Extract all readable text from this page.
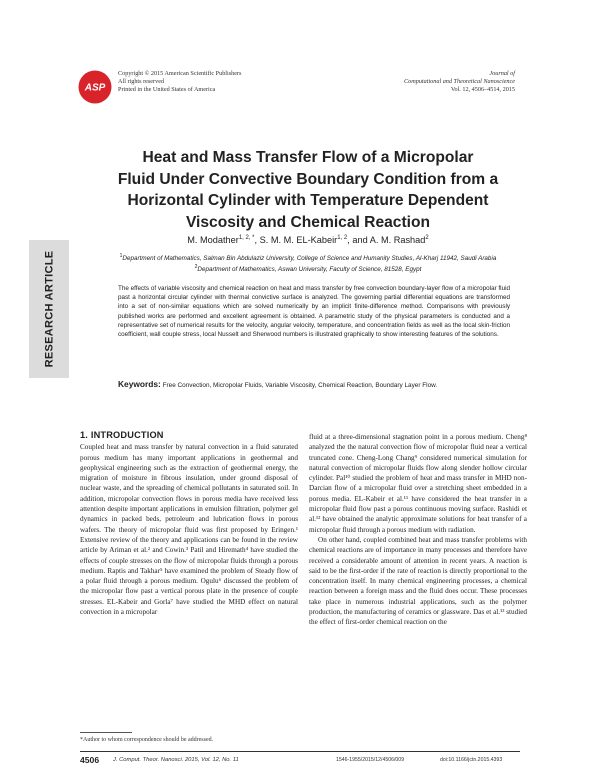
ASP
Copyright © 2015 American Scientific Publishers
All rights reserved
Printed in the United States of America
Journal of
Computational and Theoretical Nanoscience
Vol. 12, 4506–4514, 2015
RESEARCH ARTICLE
Heat and Mass Transfer Flow of a Micropolar
Fluid Under Convective Boundary Condition from a
Horizontal Cylinder with Temperature Dependent
Viscosity and Chemical Reaction
M. Modather$^{1, 2, *}$, S. M. M. EL-Kabeir$^{1, 2}$, and A. M. Rashad$^2$
$^1$Department of Mathematics, Salman Bin Abdulaziz University, College of Science and Humanity Studies, Al-Kharj 11942, Saudi Arabia
$^2$Department of Mathematics, Aswan University, Faculty of Science, 81528, Egypt
The effects of variable viscosity and chemical reaction on heat and mass transfer by free convection boundary-layer flow of a micropolar fluid past a horizontal circular cylinder with thermal convictive surface is analyzed. The governing partial differential equations are transformed into a set of non-similar equations which are solved numerically by an implicit finite-difference method. Comparisons with previously published works are performed and excellent agreement is obtained. A parametric study of the physical parameters is conducted and a representative set of numerical results for the velocity, angular velocity, temperature, and concentration fields as well as the local skin-friction coefficient, wall couple stress, local Nusselt and Sherwood numbers is illustrated graphically to show interesting features of the solutions.
Keywords: Free Convection, Micropolar Fluids, Variable Viscosity, Chemical Reaction, Boundary Layer Flow.
1. INTRODUCTION

Coupled heat and mass transfer by natural convection in a fluid saturated porous medium has many important applications in geothermal and geophysical engineering such as the extraction of geothermal energy, the migration of moisture in fibrous insulation, under ground disposal of nuclear waste, and the spreading of chemical pollutants in saturated soil. In addition, micropolar convection flows in porous media have received less attention despite important applications in emulsion filtration, polymer gel dynamics in packed beds, petroleum and lubrication flows in porous wafers. The theory of micropolar fluid was first proposed by Eringen.¹ Extensive review of the theory and applications can be found in the review article by Ariman et al.² and Cowin.³ Patil and Hiremath⁴ have studied the effects of couple stresses on the flow of micropolar fluids through a porous medium. Raptis and Takhar⁵ have examined the problem of Steady flow of a polar fluid through a porous medium. Ogulu⁶ discussed the problem of the micropolar flow past a vertical porous plate in the presence of couple stresses. EL-Kabeir and Gorla⁷ have studied the MHD effect on natural convection in a micropolar

fluid at a three-dimensional stagnation point in a porous medium. Cheng⁸ analyzed the the natural convection flow of micropolar fluid near a vertical truncated cone. Cheng-Long Chang⁹ considered numerical simulation for natural convection of micropolar fluids flow along slender hollow circular cylinder. Pal¹⁰ studied the problem of heat and mass transfer in MHD non-Darcian flow of a micropolar fluid over a stretching sheet embedded in a porous media. EL-Kabeir et al.¹¹ have considered the heat transfer in a micropolar fluid flow past a porous continuous moving surface. Rashidi et al.¹² have obtained the analytic approximate solutions for heat transfer of a micropolar fluid through a porous medium with radiation.

On other hand, coupled combined heat and mass transfer problems with chemical reactions are of importance in many processes and therefore have received a considerable amount of attention in recent years. A reaction is said to be the first-order if the rate of reaction is directly proportional to the concentration itself. In many chemical engineering processes, a chemical reaction between a foreign mass and the fluid does occur. These processes take place in numerous industrial applications, such as the polymer production, the manufacturing of ceramics or glassware. Das et al.¹³ studied the effect of first-order chemical reaction on the

*Author to whom correspondence should be addressed.
4506 J. Comput. Theor. Nanosci. 2015, Vol. 12, No. 11	1546-1955/2015/12/4506/009	doi:10.1166/jctn.2015.4393
